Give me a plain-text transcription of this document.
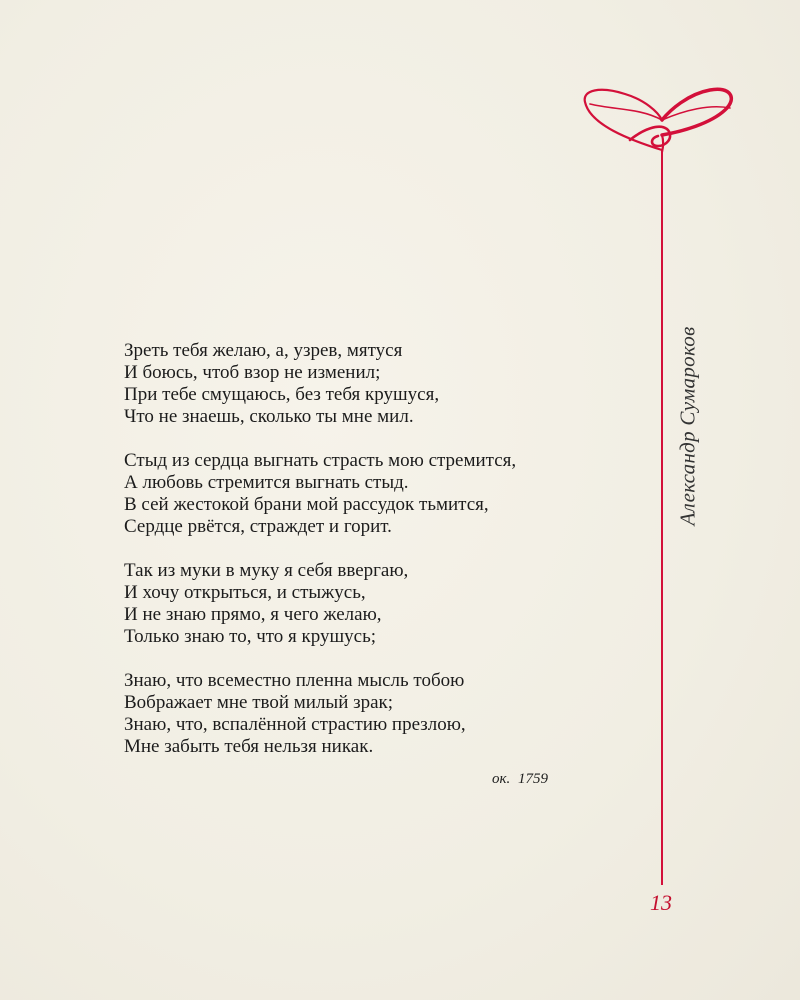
Александр Сумароков
Зреть тебя желаю, а, узрев, мятуся
И боюсь, чтоб взор не изменил;
При тебе смущаюсь, без тебя крушуся,
Что не знаешь, сколько ты мне мил.
Стыд из сердца выгнать страсть мою стремится,
А любовь стремится выгнать стыд.
В сей жестокой брани мой рассудок тьмится,
Сердце рвётся, страждет и горит.
Так из муки в муку я себя ввергаю,
И хочу открыться, и стыжусь,
И не знаю прямо, я чего желаю,
Только знаю то, что я крушусь;
Знаю, что всеместно пленна мысль тобою
Вображает мне твой милый зрак;
Знаю, что, вспалённой страстию презлою,
Мне забыть тебя нельзя никак.
ок. 1759
13
